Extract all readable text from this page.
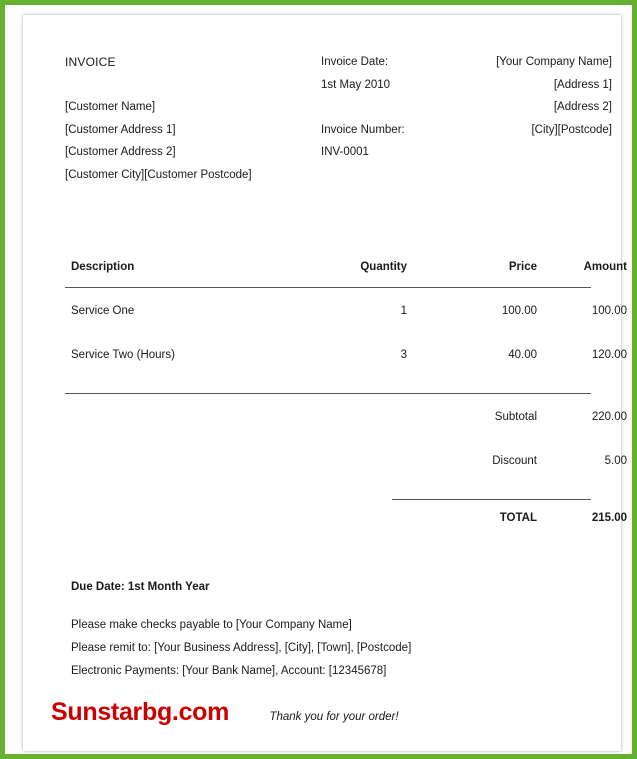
INVOICE
[Customer Name]
[Customer Address 1]
[Customer Address 2]
[Customer City][Customer Postcode]
Invoice Date:
1st May 2010
Invoice Number:
INV-0001
[Your Company Name]
[Address 1]
[Address 2]
[City][Postcode]
Description	Quantity	Price	Amount
Service One	1	100.00	100.00
Service Two (Hours)	3	40.00	120.00
Subtotal	220.00
Discount	5.00
TOTAL	215.00
Due Date: 1st Month Year
Please make checks payable to [Your Company Name]
Please remit to: [Your Business Address], [City], [Town], [Postcode]
Electronic Payments: [Your Bank Name], Account: [12345678]
Thank you for your order!
Sunstarbg.com
